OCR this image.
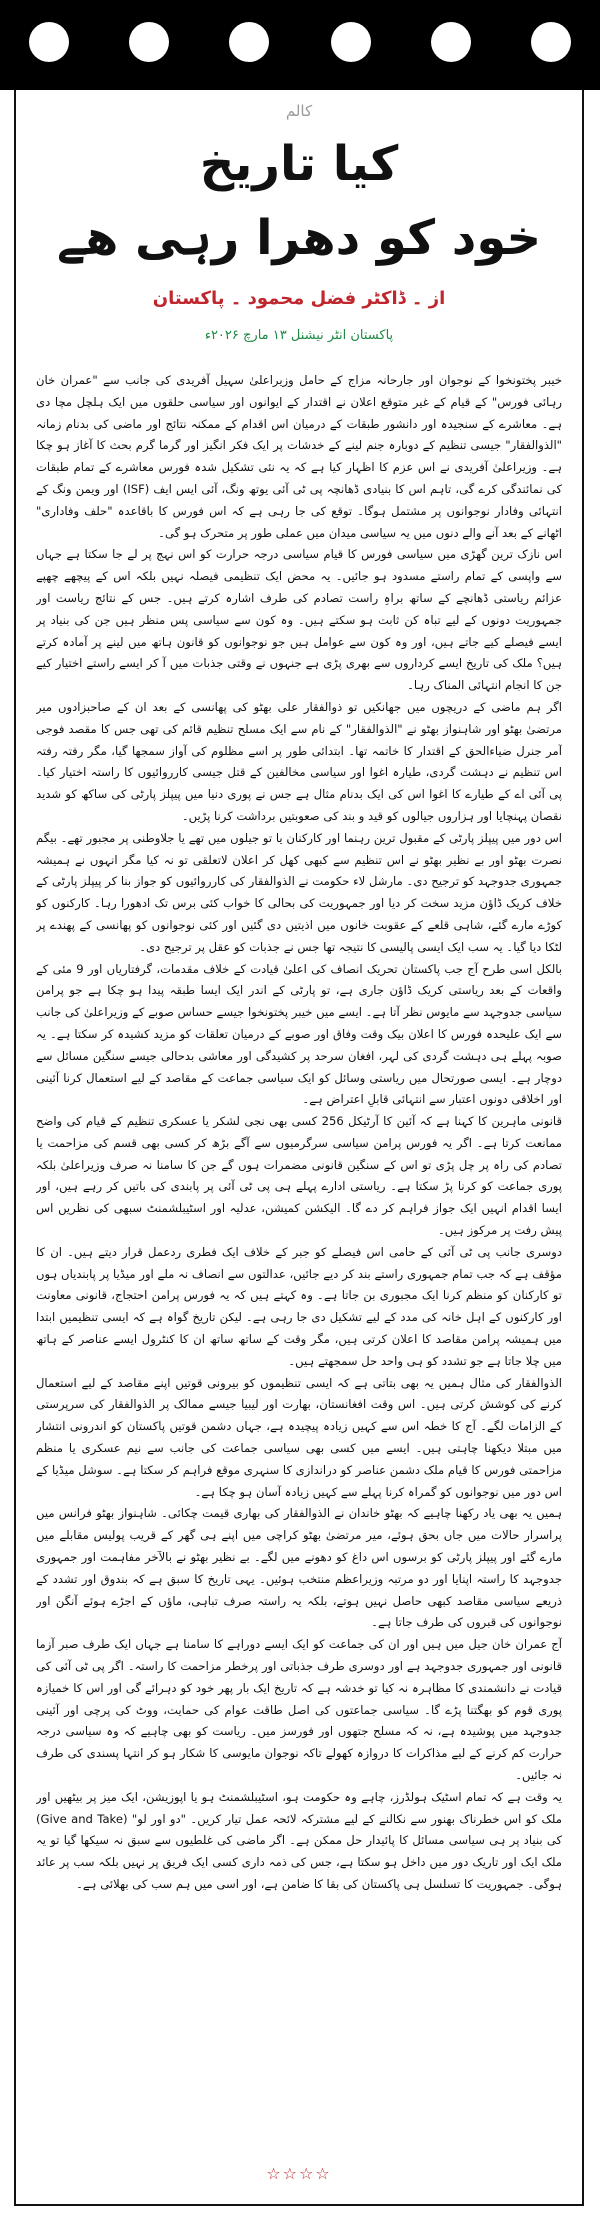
کالم
کیا تاریخ
خود کو دھرا رہی ھے
از ۔ ڈاکٹر فضل محمود ۔ پاکستان
پاکستان انٹر نیشنل ۱۳ مارچ ۲۰۲۶ء

خیبر پختونخوا کے نوجوان اور جارحانہ مزاج کے حامل وزیراعلیٰ سہیل آفریدی کی جانب سے "عمران خان رہائی فورس" کے قیام کے غیر متوقع اعلان نے اقتدار کے ایوانوں اور سیاسی حلقوں میں ایک ہلچل مچا دی ہے۔ معاشرے کے سنجیدہ اور دانشور طبقات کے درمیان اس اقدام کے ممکنہ نتائج اور ماضی کی بدنام زمانہ "الذوالفقار" جیسی تنظیم کے دوبارہ جنم لینے کے خدشات پر ایک فکر انگیز اور گرما گرم بحث کا آغاز ہو چکا ہے۔ وزیراعلیٰ آفریدی نے اس عزم کا اظہار کیا ہے کہ یہ نئی تشکیل شدہ فورس معاشرے کے تمام طبقات کی نمائندگی کرے گی، تاہم اس کا بنیادی ڈھانچہ پی ٹی آئی یوتھ ونگ، آئی ایس ایف (ISF) اور ویمن ونگ کے انتہائی وفادار نوجوانوں پر مشتمل ہوگا۔ توقع کی جا رہی ہے کہ اس فورس کا باقاعدہ "حلف وفاداری" اٹھانے کے بعد آنے والے دنوں میں یہ سیاسی میدان میں عملی طور پر متحرک ہو گی۔

اس نازک ترین گھڑی میں سیاسی فورس کا قیام سیاسی درجہ حرارت کو اس نہج پر لے جا سکتا ہے جہاں سے واپسی کے تمام راستے مسدود ہو جائیں۔ یہ محض ایک تنظیمی فیصلہ نہیں بلکہ اس کے پیچھے چھپے عزائم ریاستی ڈھانچے کے ساتھ براہِ راست تصادم کی طرف اشارہ کرتے ہیں۔ جس کے نتائج ریاست اور جمہوریت دونوں کے لیے تباہ کن ثابت ہو سکتے ہیں۔ وہ کون سے سیاسی پس منظر ہیں جن کی بنیاد پر ایسے فیصلے کیے جاتے ہیں، اور وہ کون سے عوامل ہیں جو نوجوانوں کو قانون ہاتھ میں لینے پر آمادہ کرتے ہیں؟ ملک کی تاریخ ایسے کرداروں سے بھری پڑی ہے جنہوں نے وقتی جذبات میں آ کر ایسے راستے اختیار کیے جن کا انجام انتہائی المناک رہا۔

اگر ہم ماضی کے دریچوں میں جھانکیں تو ذوالفقار علی بھٹو کی پھانسی کے بعد ان کے صاحبزادوں میر مرتضیٰ بھٹو اور شاہنواز بھٹو نے "الذوالفقار" کے نام سے ایک مسلح تنظیم قائم کی تھی جس کا مقصد فوجی آمر جنرل ضیاءالحق کے اقتدار کا خاتمہ تھا۔ ابتدائی طور پر اسے مظلوم کی آواز سمجھا گیا، مگر رفتہ رفتہ اس تنظیم نے دہشت گردی، طیارہ اغوا اور سیاسی مخالفین کے قتل جیسی کارروائیوں کا راستہ اختیار کیا۔ پی آئی اے کے طیارے کا اغوا اس کی ایک بدنام مثال ہے جس نے پوری دنیا میں پیپلز پارٹی کی ساکھ کو شدید نقصان پہنچایا اور ہزاروں جیالوں کو قید و بند کی صعوبتیں برداشت کرنا پڑیں۔

اس دور میں پیپلز پارٹی کے مقبول ترین رہنما اور کارکنان یا تو جیلوں میں تھے یا جلاوطنی پر مجبور تھے۔ بیگم نصرت بھٹو اور بے نظیر بھٹو نے اس تنظیم سے کبھی کھل کر اعلان لاتعلقی تو نہ کیا مگر انہوں نے ہمیشہ جمہوری جدوجہد کو ترجیح دی۔ مارشل لاء حکومت نے الذوالفقار کی کارروائیوں کو جواز بنا کر پیپلز پارٹی کے خلاف کریک ڈاؤن مزید سخت کر دیا اور جمہوریت کی بحالی کا خواب کئی برس تک ادھورا رہا۔ کارکنوں کو کوڑے مارے گئے، شاہی قلعے کے عقوبت خانوں میں اذیتیں دی گئیں اور کئی نوجوانوں کو پھانسی کے پھندے پر لٹکا دیا گیا۔ یہ سب ایک ایسی پالیسی کا نتیجہ تھا جس نے جذبات کو عقل پر ترجیح دی۔

بالکل اسی طرح آج جب پاکستان تحریک انصاف کی اعلیٰ قیادت کے خلاف مقدمات، گرفتاریاں اور 9 مئی کے واقعات کے بعد ریاستی کریک ڈاؤن جاری ہے، تو پارٹی کے اندر ایک ایسا طبقہ پیدا ہو چکا ہے جو پرامن سیاسی جدوجہد سے مایوس نظر آتا ہے۔ ایسے میں خیبر پختونخوا جیسے حساس صوبے کے وزیراعلیٰ کی جانب سے ایک علیحدہ فورس کا اعلان بیک وقت وفاق اور صوبے کے درمیان تعلقات کو مزید کشیدہ کر سکتا ہے۔ یہ صوبہ پہلے ہی دہشت گردی کی لہر، افغان سرحد پر کشیدگی اور معاشی بدحالی جیسے سنگین مسائل سے دوچار ہے۔ ایسی صورتحال میں ریاستی وسائل کو ایک سیاسی جماعت کے مقاصد کے لیے استعمال کرنا آئینی اور اخلاقی دونوں اعتبار سے انتہائی قابلِ اعتراض ہے۔

قانونی ماہرین کا کہنا ہے کہ آئین کا آرٹیکل 256 کسی بھی نجی لشکر یا عسکری تنظیم کے قیام کی واضح ممانعت کرتا ہے۔ اگر یہ فورس پرامن سیاسی سرگرمیوں سے آگے بڑھ کر کسی بھی قسم کی مزاحمت یا تصادم کی راہ پر چل پڑی تو اس کے سنگین قانونی مضمرات ہوں گے جن کا سامنا نہ صرف وزیراعلیٰ بلکہ پوری جماعت کو کرنا پڑ سکتا ہے۔ ریاستی ادارے پہلے ہی پی ٹی آئی پر پابندی کی باتیں کر رہے ہیں، اور ایسا اقدام انہیں ایک جواز فراہم کر دے گا۔ الیکشن کمیشن، عدلیہ اور اسٹیبلشمنٹ سبھی کی نظریں اس پیش رفت پر مرکوز ہیں۔

دوسری جانب پی ٹی آئی کے حامی اس فیصلے کو جبر کے خلاف ایک فطری ردعمل قرار دیتے ہیں۔ ان کا مؤقف ہے کہ جب تمام جمہوری راستے بند کر دیے جائیں، عدالتوں سے انصاف نہ ملے اور میڈیا پر پابندیاں ہوں تو کارکنان کو منظم کرنا ایک مجبوری بن جاتا ہے۔ وہ کہتے ہیں کہ یہ فورس پرامن احتجاج، قانونی معاونت اور کارکنوں کے اہل خانہ کی مدد کے لیے تشکیل دی جا رہی ہے۔ لیکن تاریخ گواہ ہے کہ ایسی تنظیمیں ابتدا میں ہمیشہ پرامن مقاصد کا اعلان کرتی ہیں، مگر وقت کے ساتھ ساتھ ان کا کنٹرول ایسے عناصر کے ہاتھ میں چلا جاتا ہے جو تشدد کو ہی واحد حل سمجھتے ہیں۔

الذوالفقار کی مثال ہمیں یہ بھی بتاتی ہے کہ ایسی تنظیموں کو بیرونی قوتیں اپنے مقاصد کے لیے استعمال کرنے کی کوشش کرتی ہیں۔ اس وقت افغانستان، بھارت اور لیبیا جیسے ممالک پر الذوالفقار کی سرپرستی کے الزامات لگے۔ آج کا خطہ اس سے کہیں زیادہ پیچیدہ ہے، جہاں دشمن قوتیں پاکستان کو اندرونی انتشار میں مبتلا دیکھنا چاہتی ہیں۔ ایسے میں کسی بھی سیاسی جماعت کی جانب سے نیم عسکری یا منظم مزاحمتی فورس کا قیام ملک دشمن عناصر کو دراندازی کا سنہری موقع فراہم کر سکتا ہے۔ سوشل میڈیا کے اس دور میں نوجوانوں کو گمراہ کرنا پہلے سے کہیں زیادہ آسان ہو چکا ہے۔

ہمیں یہ بھی یاد رکھنا چاہیے کہ بھٹو خاندان نے الذوالفقار کی بھاری قیمت چکائی۔ شاہنواز بھٹو فرانس میں پراسرار حالات میں جاں بحق ہوئے، میر مرتضیٰ بھٹو کراچی میں اپنے ہی گھر کے قریب پولیس مقابلے میں مارے گئے اور پیپلز پارٹی کو برسوں اس داغ کو دھونے میں لگے۔ بے نظیر بھٹو نے بالآخر مفاہمت اور جمہوری جدوجہد کا راستہ اپنایا اور دو مرتبہ وزیراعظم منتخب ہوئیں۔ یہی تاریخ کا سبق ہے کہ بندوق اور تشدد کے ذریعے سیاسی مقاصد کبھی حاصل نہیں ہوتے، بلکہ یہ راستہ صرف تباہی، ماؤں کے اجڑے ہوئے آنگن اور نوجوانوں کی قبروں کی طرف جاتا ہے۔

آج عمران خان جیل میں ہیں اور ان کی جماعت کو ایک ایسے دوراہے کا سامنا ہے جہاں ایک طرف صبر آزما قانونی اور جمہوری جدوجہد ہے اور دوسری طرف جذباتی اور پرخطر مزاحمت کا راستہ۔ اگر پی ٹی آئی کی قیادت نے دانشمندی کا مظاہرہ نہ کیا تو خدشہ ہے کہ تاریخ ایک بار پھر خود کو دہرائے گی اور اس کا خمیازہ پوری قوم کو بھگتنا پڑے گا۔ سیاسی جماعتوں کی اصل طاقت عوام کی حمایت، ووٹ کی پرچی اور آئینی جدوجہد میں پوشیدہ ہے، نہ کہ مسلح جتھوں اور فورسز میں۔ ریاست کو بھی چاہیے کہ وہ سیاسی درجہ حرارت کم کرنے کے لیے مذاکرات کا دروازہ کھولے تاکہ نوجوان مایوسی کا شکار ہو کر انتہا پسندی کی طرف نہ جائیں۔

یہ وقت ہے کہ تمام اسٹیک ہولڈرز، چاہے وہ حکومت ہو، اسٹیبلشمنٹ ہو یا اپوزیشن، ایک میز پر بیٹھیں اور ملک کو اس خطرناک بھنور سے نکالنے کے لیے مشترکہ لائحہ عمل تیار کریں۔ "دو اور لو" (Give and Take) کی بنیاد پر ہی سیاسی مسائل کا پائیدار حل ممکن ہے۔ اگر ماضی کی غلطیوں سے سبق نہ سیکھا گیا تو یہ ملک ایک اور تاریک دور میں داخل ہو سکتا ہے، جس کی ذمہ داری کسی ایک فریق پر نہیں بلکہ سب پر عائد ہوگی۔ جمہوریت کا تسلسل ہی پاکستان کی بقا کا ضامن ہے، اور اسی میں ہم سب کی بھلائی ہے۔

☆☆☆☆
